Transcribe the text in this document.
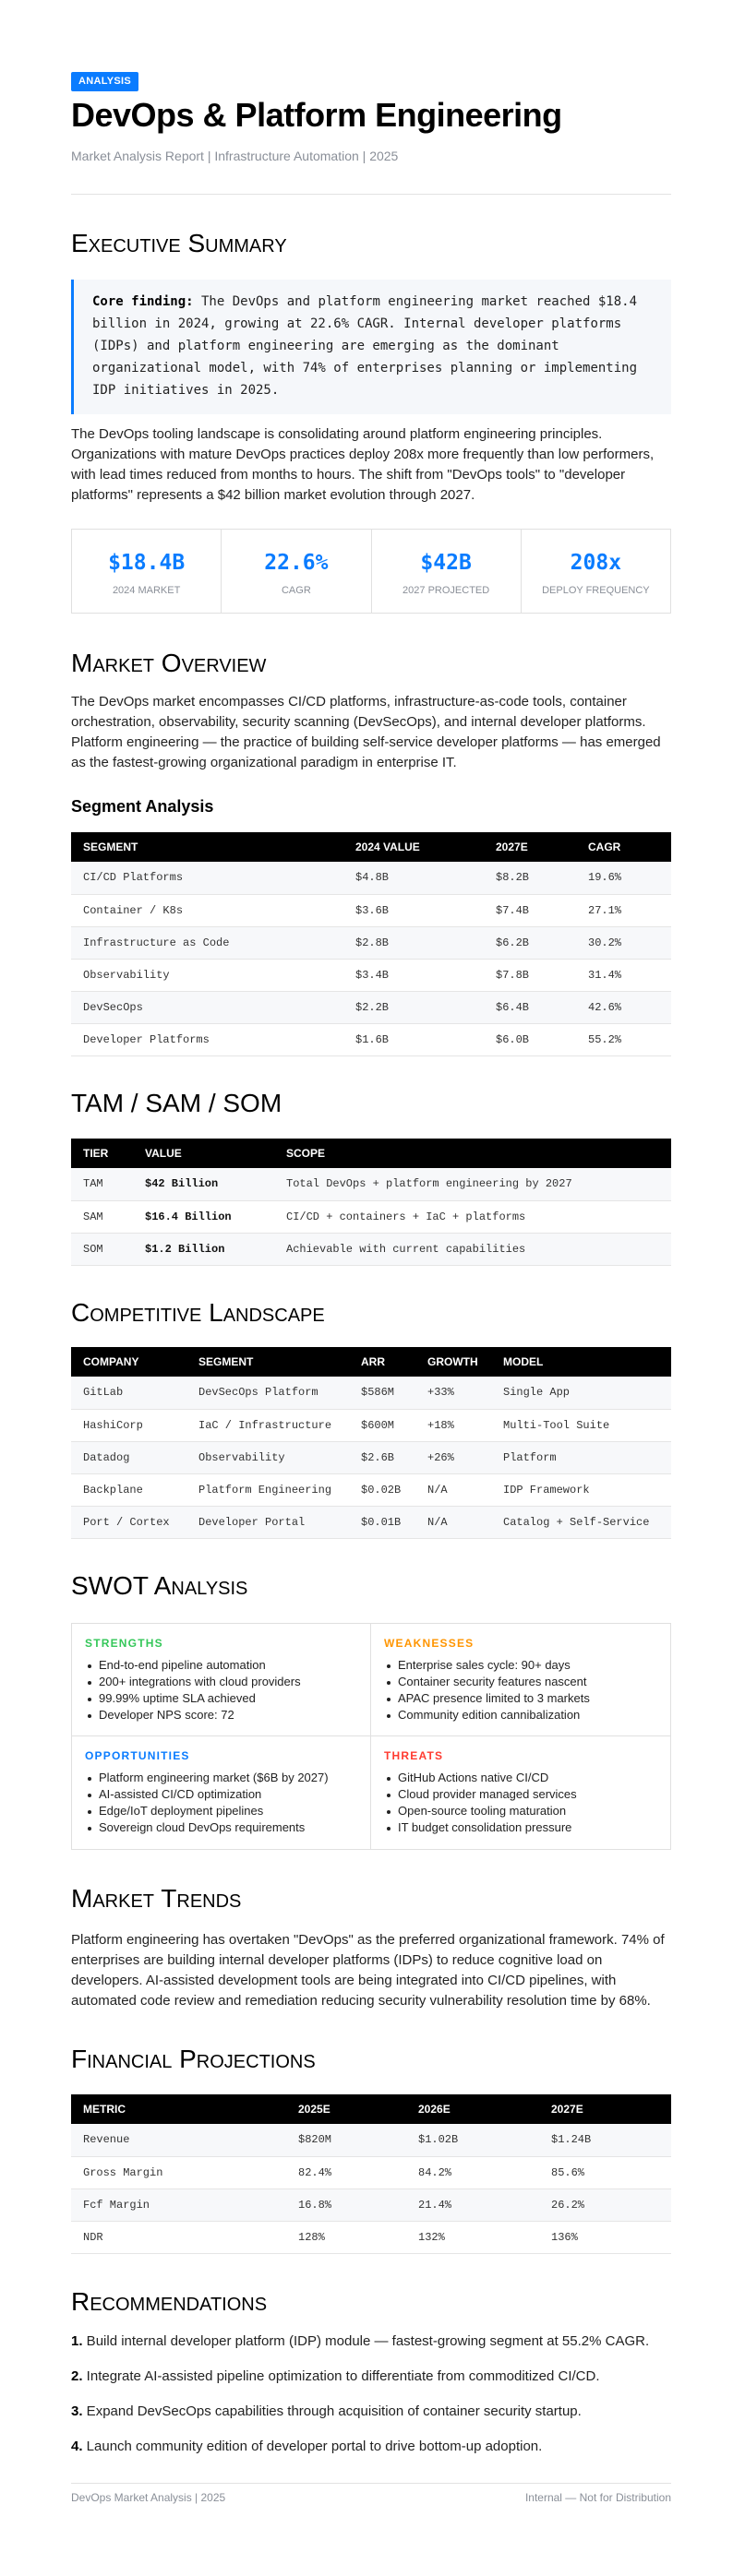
ANALYSIS
DevOps & Platform Engineering
Market Analysis Report | Infrastructure Automation | 2025
Executive Summary
Core finding: The DevOps and platform engineering market reached $18.4 billion in 2024, growing at 22.6% CAGR. Internal developer platforms (IDPs) and platform engineering are emerging as the dominant organizational model, with 74% of enterprises planning or implementing IDP initiatives in 2025.

The DevOps tooling landscape is consolidating around platform engineering principles. Organizations with mature DevOps practices deploy 208x more frequently than low performers, with lead times reduced from months to hours. The shift from "DevOps tools" to "developer platforms" represents a $42 billion market evolution through 2027.

$18.4B
2024 MARKET
22.6%
CAGR
$42B
2027 PROJECTED
208x
DEPLOY FREQUENCY
Market Overview

The DevOps market encompasses CI/CD platforms, infrastructure-as-code tools, container orchestration, observability, security scanning (DevSecOps), and internal developer platforms. Platform engineering — the practice of building self-service developer platforms — has emerged as the fastest-growing organizational paradigm in enterprise IT.

Segment Analysis
SEGMENT	2024 VALUE	2027E	CAGR
CI/CD Platforms	$4.8B	$8.2B	19.6%
Container / K8s	$3.6B	$7.4B	27.1%
Infrastructure as Code	$2.8B	$6.2B	30.2%
Observability	$3.4B	$7.8B	31.4%
DevSecOps	$2.2B	$6.4B	42.6%
Developer Platforms	$1.6B	$6.0B	55.2%
TAM / SAM / SOM
TIER	VALUE	SCOPE
TAM	$42 Billion	Total DevOps + platform engineering by 2027
SAM	$16.4 Billion	CI/CD + containers + IaC + platforms
SOM	$1.2 Billion	Achievable with current capabilities
Competitive Landscape
COMPANY	SEGMENT	ARR	GROWTH	MODEL
GitLab	DevSecOps Platform	$586M	+33%	Single App
HashiCorp	IaC / Infrastructure	$600M	+18%	Multi-Tool Suite
Datadog	Observability	$2.6B	+26%	Platform
Backplane	Platform Engineering	$0.02B	N/A	IDP Framework
Port / Cortex	Developer Portal	$0.01B	N/A	Catalog + Self-Service
SWOT Analysis
STRENGTHS
End-to-end pipeline automation
200+ integrations with cloud providers
99.99% uptime SLA achieved
Developer NPS score: 72
WEAKNESSES
Enterprise sales cycle: 90+ days
Container security features nascent
APAC presence limited to 3 markets
Community edition cannibalization
OPPORTUNITIES
Platform engineering market ($6B by 2027)
AI-assisted CI/CD optimization
Edge/IoT deployment pipelines
Sovereign cloud DevOps requirements
THREATS
GitHub Actions native CI/CD
Cloud provider managed services
Open-source tooling maturation
IT budget consolidation pressure
Market Trends

Platform engineering has overtaken "DevOps" as the preferred organizational framework. 74% of enterprises are building internal developer platforms (IDPs) to reduce cognitive load on developers. AI-assisted development tools are being integrated into CI/CD pipelines, with automated code review and remediation reducing security vulnerability resolution time by 68%.

Financial Projections
METRIC	2025E	2026E	2027E
Revenue	$820M	$1.02B	$1.24B
Gross Margin	82.4%	84.2%	85.6%
Fcf Margin	16.8%	21.4%	26.2%
NDR	128%	132%	136%
Recommendations
1. Build internal developer platform (IDP) module — fastest-growing segment at 55.2% CAGR.
2. Integrate AI-assisted pipeline optimization to differentiate from commoditized CI/CD.
3. Expand DevSecOps capabilities through acquisition of container security startup.
4. Launch community edition of developer portal to drive bottom-up adoption.
DevOps Market Analysis | 2025	Internal — Not for Distribution
